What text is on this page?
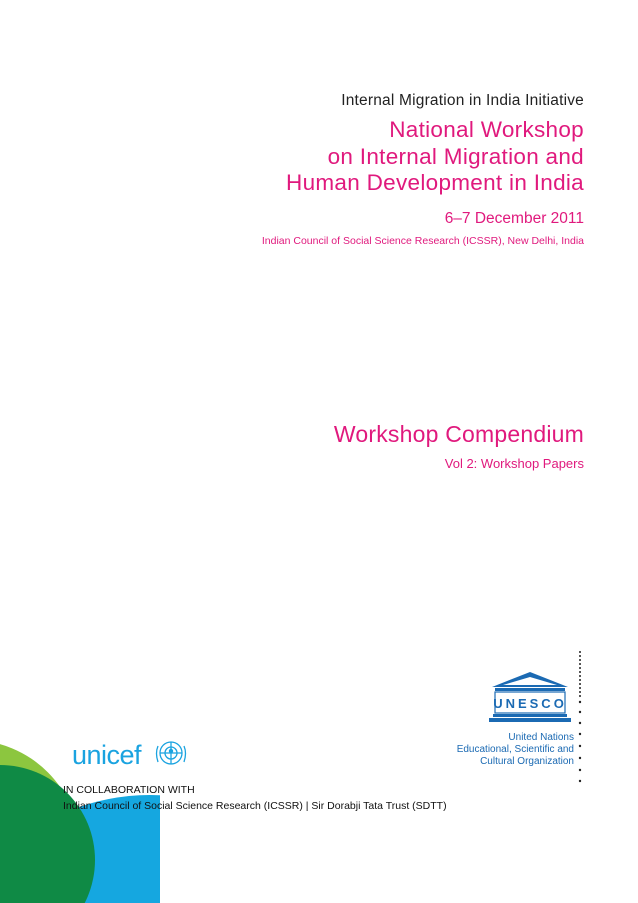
Internal Migration in India Initiative
National Workshop
on Internal Migration and
Human Development in India
6–7 December 2011
Indian Council of Social Science Research (ICSSR), New Delhi, India
Workshop Compendium
Vol 2: Workshop Papers
UNESCO
United Nations
Educational, Scientific and
Cultural Organization
unicef
IN COLLABORATION WITH
Indian Council of Social Science Research (ICSSR) | Sir Dorabji Tata Trust (SDTT)
